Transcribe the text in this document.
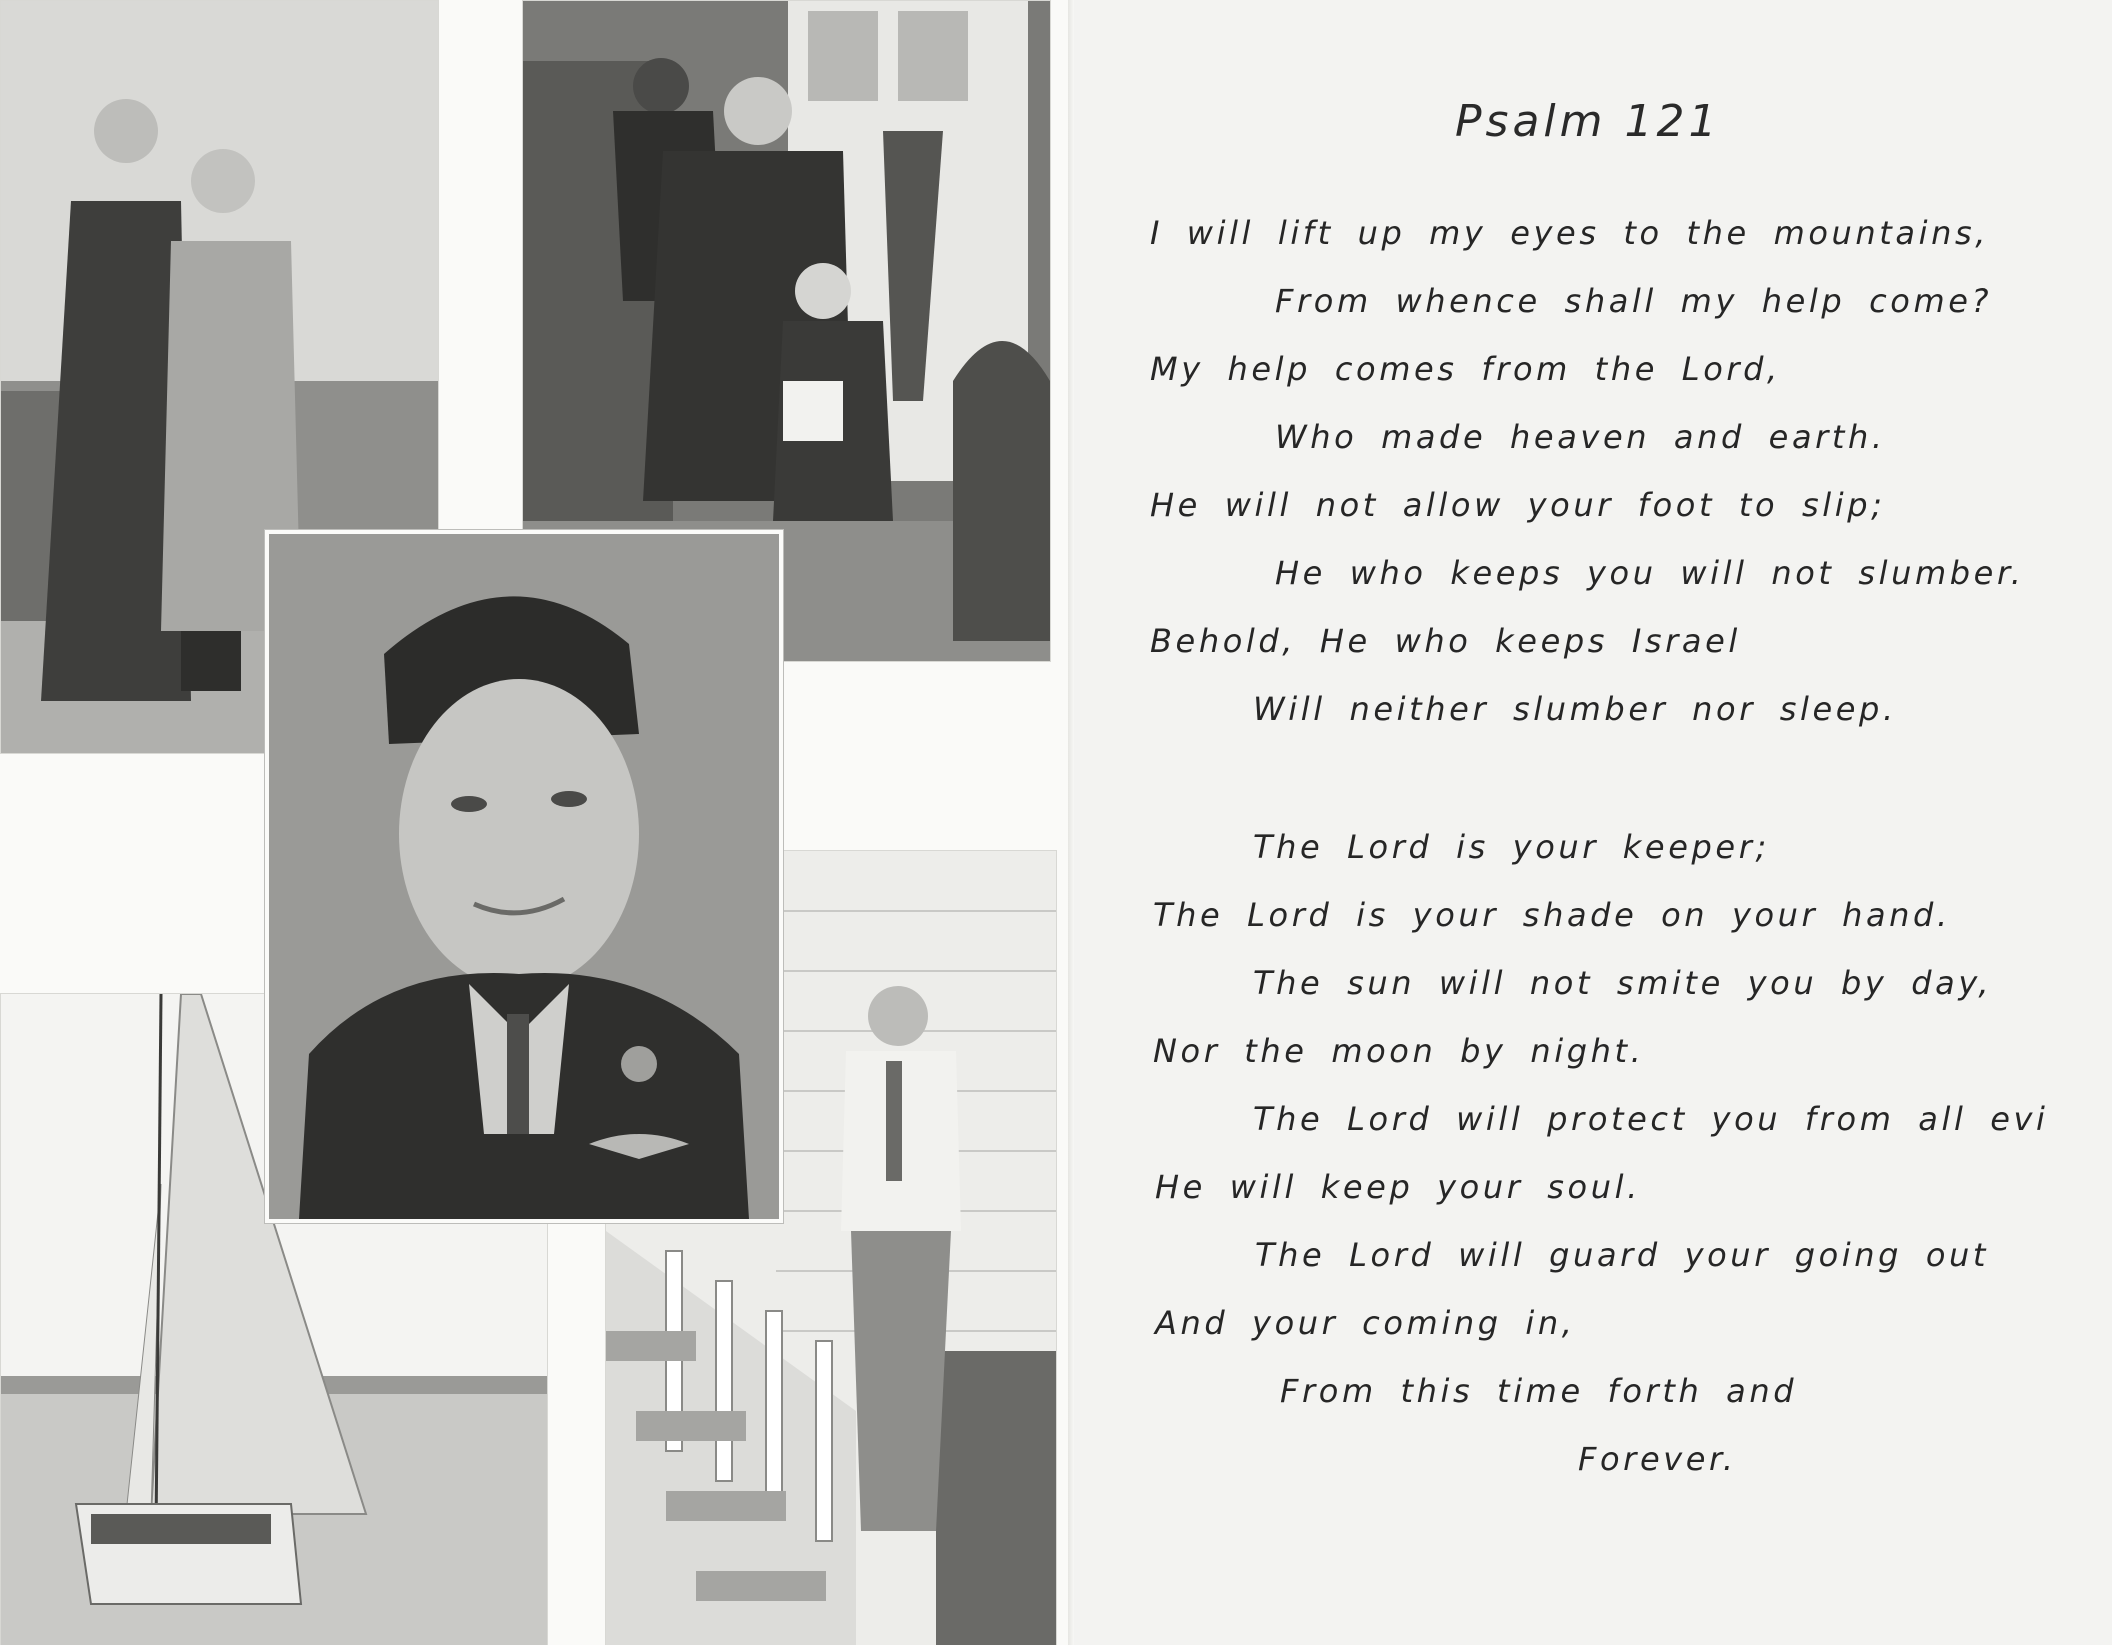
Psalm 121
I will lift up my eyes to the mountains,
From whence shall my help come?
My help comes from the Lord,
Who made heaven and earth.
He will not allow your foot to slip;
He who keeps you will not slumber.
Behold, He who keeps Israel
Will neither slumber nor sleep.
The Lord is your keeper;
The Lord is your shade on your hand.
The sun will not smite you by day,
Nor the moon by night.
The Lord will protect you from all evi
He will keep your soul.
The Lord will guard your going out
And your coming in,
From this time forth and
Forever.
